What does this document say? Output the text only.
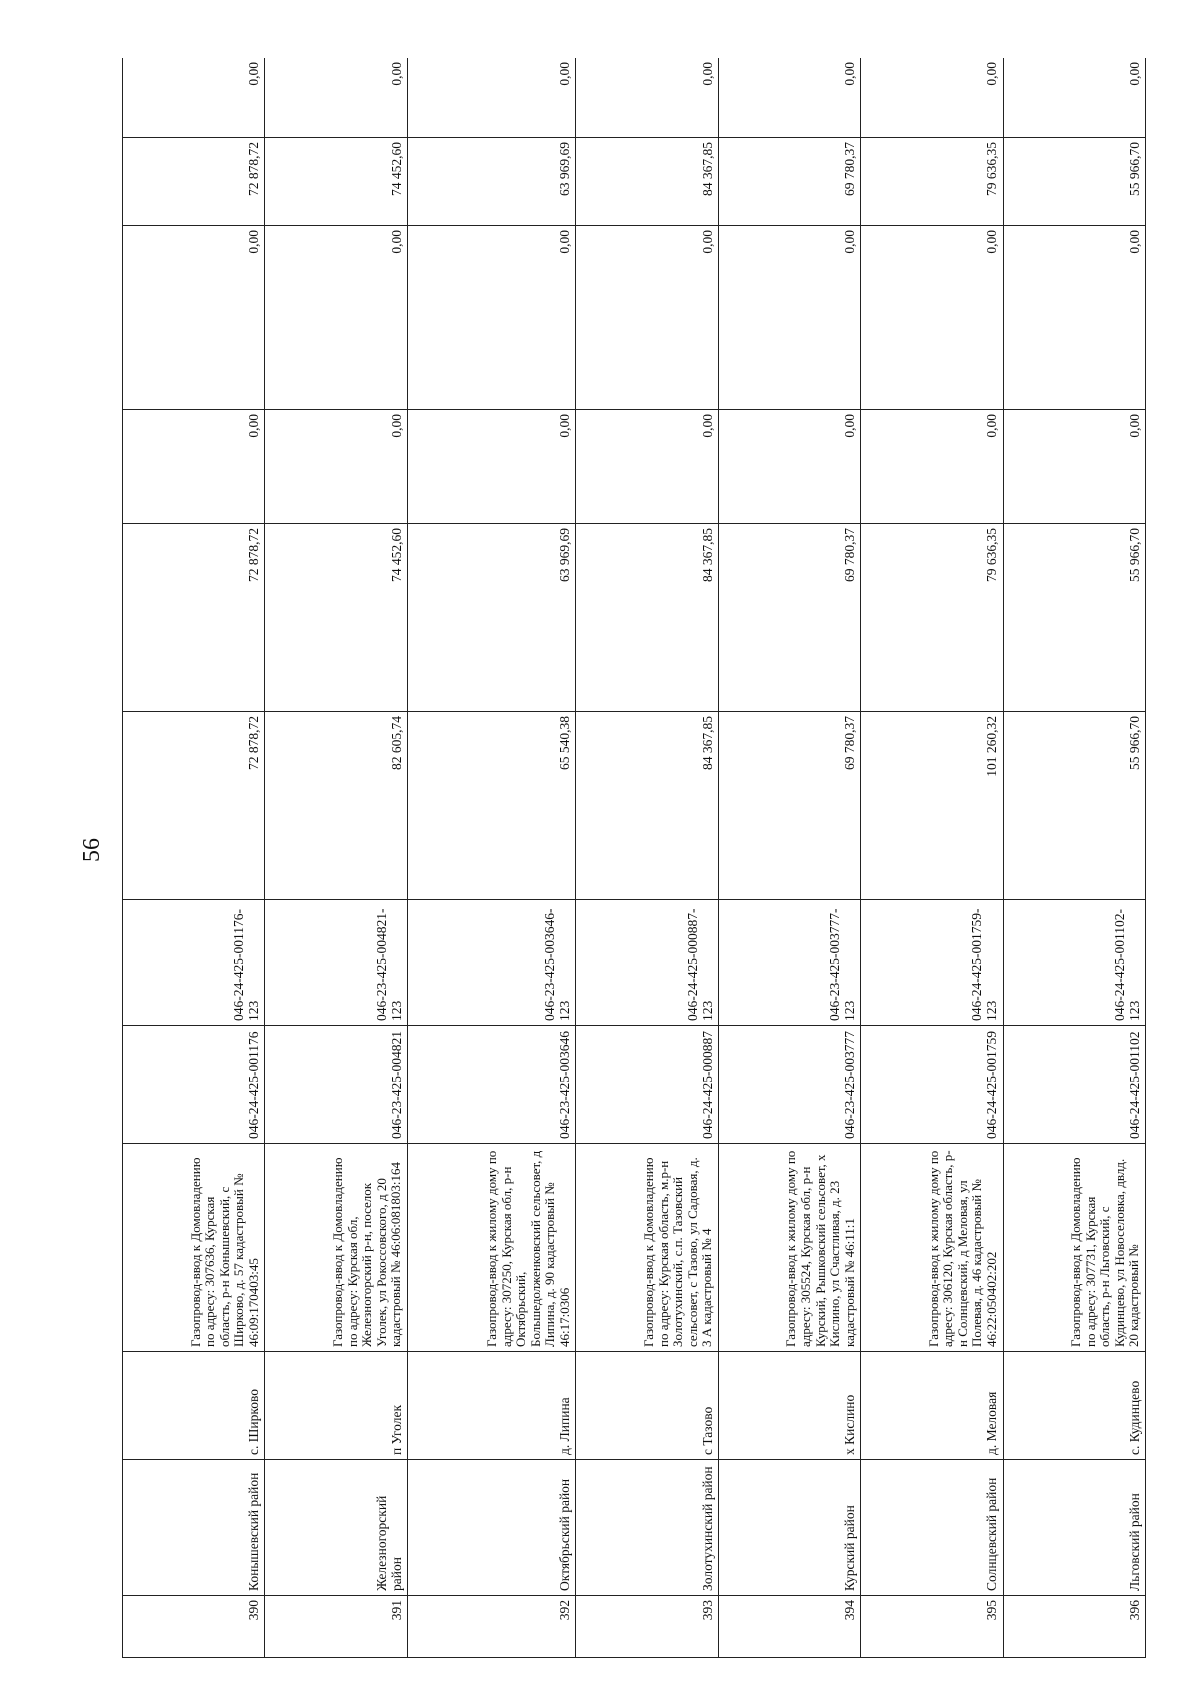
56
390	Конышевский район	с. Ширково	Газопровод-ввод к Домовладению по адресу: 307636, Курская область, р-н Конышевский, с Ширково, д. 57 кадастровый № 46:09:170403:45	046-24-425-001176	046-24-425-001176-123	72 878,72	72 878,72	0,00	0,00	72 878,72	0,00
391	Железногорский район	п Уголек	Газопровод-ввод к Домовладению по адресу: Курская обл, Железногорский р-н, поселок Уголек, ул Рокоссовского, д 20 кадастровый № 46:06:081803:164	046-23-425-004821	046-23-425-004821-123	82 605,74	74 452,60	0,00	0,00	74 452,60	0,00
392	Октябрьский район	д. Липина	Газопровод-ввод к жилому дому по адресу: 307250, Курская обл, р-н Октябрьский, Большедолженковский сельсовет, д Липина, д. 90 кадастровый № 46:17:0306	046-23-425-003646	046-23-425-003646-123	65 540,38	63 969,69	0,00	0,00	63 969,69	0,00
393	Золотухинский район	с Тазово	Газопровод-ввод к Домовладению по адресу: Курская область, м.р-н Золотухинский, с.п. Тазовский сельсовет, с Тазово, ул Садовая, д. 3 А кадастровый № 4	046-24-425-000887	046-24-425-000887-123	84 367,85	84 367,85	0,00	0,00	84 367,85	0,00
394	Курский район	х Кислино	Газопровод-ввод к жилому дому по адресу: 305524, Курская обл, р-н Курский, Рышковский сельсовет, х Кислино, ул Счастливая, д. 23 кадастровый № 46:11:1	046-23-425-003777	046-23-425-003777-123	69 780,37	69 780,37	0,00	0,00	69 780,37	0,00
395	Солнцевский район	д. Меловая	Газопровод-ввод к жилому дому по адресу: 306120, Курская область, р-н Солнцевский, д Меловая, ул Полевая, д. 46 кадастровый № 46:22:050402:202	046-24-425-001759	046-24-425-001759-123	101 260,32	79 636,35	0,00	0,00	79 636,35	0,00
396	Льговский район	с. Кудинцево	Газопровод-ввод к Домовладению по адресу: 307731, Курская область, р-н Льговский, с Кудинцево, ул Новоселовка, двлд. 20 кадастровый №	046-24-425-001102	046-24-425-001102-123	55 966,70	55 966,70	0,00	0,00	55 966,70	0,00
